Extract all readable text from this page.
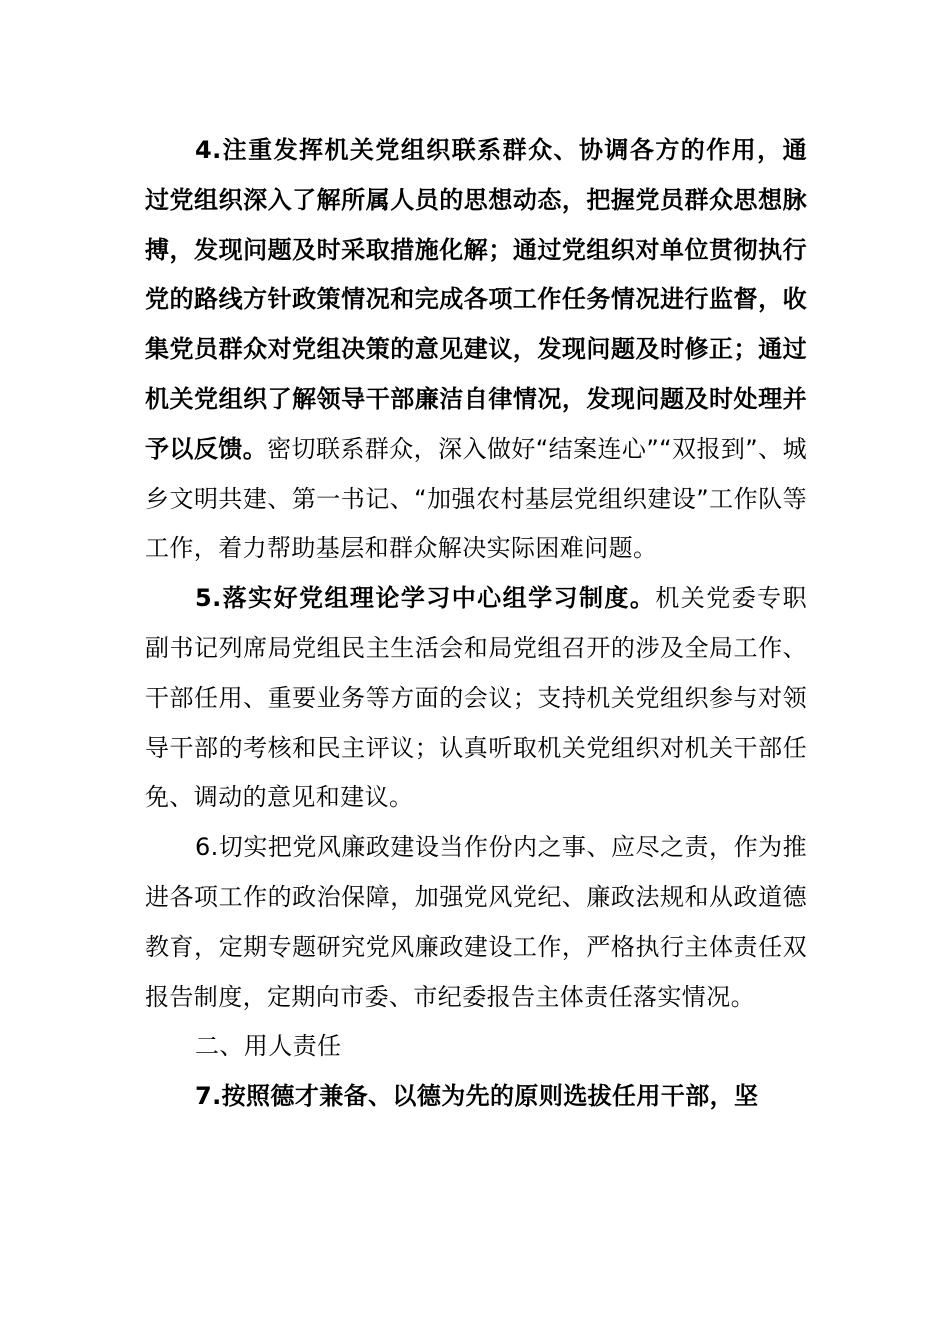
4.注重发挥机关党组织联系群众、协调各方的作用，通过党组织深入了解所属人员的思想动态，把握党员群众思想脉搏，发现问题及时采取措施化解；通过党组织对单位贯彻执行党的路线方针政策情况和完成各项工作任务情况进行监督，收集党员群众对党组决策的意见建议，发现问题及时修正；通过机关党组织了解领导干部廉洁自律情况，发现问题及时处理并予以反馈。密切联系群众，深入做好“结案连心”“双报到”、城乡文明共建、第一书记、“加强农村基层党组织建设”工作队等工作，着力帮助基层和群众解决实际困难问题。

5.落实好党组理论学习中心组学习制度。机关党委专职副书记列席局党组民主生活会和局党组召开的涉及全局工作、干部任用、重要业务等方面的会议；支持机关党组织参与对领导干部的考核和民主评议；认真听取机关党组织对机关干部任免、调动的意见和建议。

6.切实把党风廉政建设当作份内之事、应尽之责，作为推进各项工作的政治保障，加强党风党纪、廉政法规和从政道德教育，定期专题研究党风廉政建设工作，严格执行主体责任双报告制度，定期向市委、市纪委报告主体责任落实情况。

二、用人责任

7.按照德才兼备、以德为先的原则选拔任用干部，坚
